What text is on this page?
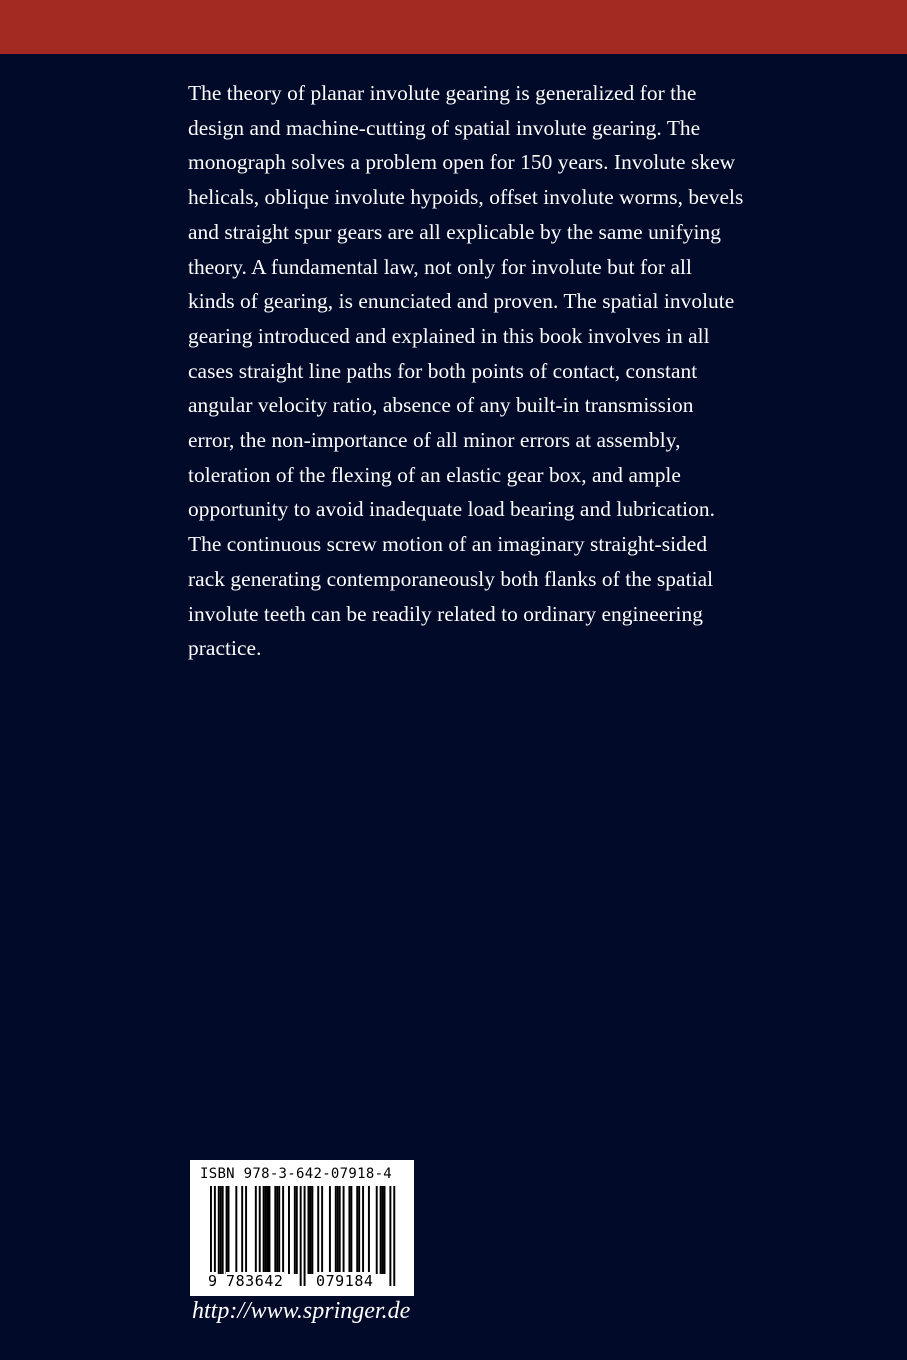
The theory of planar involute gearing is generalized for the
design and machine-cutting of spatial involute gearing. The
monograph solves a problem open for 150 years. Involute skew
helicals, oblique involute hypoids, offset involute worms, bevels
and straight spur gears are all explicable by the same unifying
theory. A fundamental law, not only for involute but for all
kinds of gearing, is enunciated and proven. The spatial involute
gearing introduced and explained in this book involves in all
cases straight line paths for both points of contact, constant
angular velocity ratio, absence of any built-in transmission
error, the non-importance of all minor errors at assembly,
toleration of the flexing of an elastic gear box, and ample
opportunity to avoid inadequate load bearing and lubrication.
The continuous screw motion of an imaginary straight-sided
rack generating contemporaneously both flanks of the spatial
involute teeth can be readily related to ordinary engineering
practice.
ISBN 978-3-642-07918-4
9 783642 079184
http://www.springer.de
